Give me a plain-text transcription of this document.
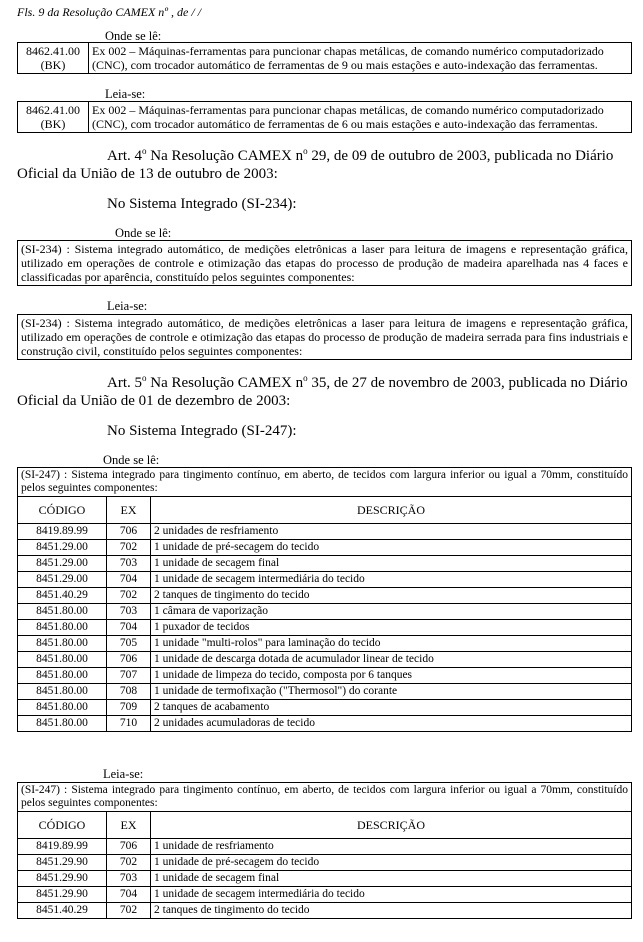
Fls. 9 da Resolução CAMEX nº , de / /
Onde se lê:
8462.41.00
(BK)
	Ex 002 – Máquinas-ferramentas para puncionar chapas metálicas, de comando numérico computadorizado (CNC), com trocador automático de ferramentas de 9 ou mais estações e auto-indexação das ferramentas.
Leia-se:
8462.41.00
(BK)
	Ex 002 – Máquinas-ferramentas para puncionar chapas metálicas, de comando numérico computadorizado (CNC), com trocador automático de ferramentas de 6 ou mais estações e auto-indexação das ferramentas.
Art. 4$^o$ Na Resolução CAMEX $n^o$ 29, de 09 de outubro de 2003, publicada no Diário Oficial da União de 13 de outubro de 2003:
No Sistema Integrado (SI-234):
Onde se lê:
(SI-234) : Sistema integrado automático, de medições eletrônicas a laser para leitura de imagens e representação gráfica, utilizado em operações de controle e otimização das etapas do processo de produção de madeira aparelhada nas 4 faces e classificadas por aparência, constituído pelos seguintes componentes:
Leia-se:
(SI-234) : Sistema integrado automático, de medições eletrônicas a laser para leitura de imagens e representação gráfica, utilizado em operações de controle e otimização das etapas do processo de produção de madeira serrada para fins industriais e construção civil, constituído pelos seguintes componentes:
Art. 5$^o$ Na Resolução CAMEX $n^o$ 35, de 27 de novembro de 2003, publicada no Diário Oficial da União de 01 de dezembro de 2003:
No Sistema Integrado (SI-247):
Onde se lê:
(SI-247) : Sistema integrado para tingimento contínuo, em aberto, de tecidos com largura inferior ou igual a 70mm, constituído pelos seguintes componentes:		
CÓDIGO	EX	DESCRIÇÃO
8419.89.99	706	2 unidades de resfriamento
8451.29.00	702	1 unidade de pré-secagem do tecido
8451.29.00	703	1 unidade de secagem final
8451.29.00	704	1 unidade de secagem intermediária do tecido
8451.40.29	702	2 tanques de tingimento do tecido
8451.80.00	703	1 câmara de vaporização
8451.80.00	704	1 puxador de tecidos
8451.80.00	705	1 unidade "multi-rolos" para laminação do tecido
8451.80.00	706	1 unidade de descarga dotada de acumulador linear de tecido
8451.80.00	707	1 unidade de limpeza do tecido, composta por 6 tanques
8451.80.00	708	1 unidade de termofixação ("Thermosol") do corante
8451.80.00	709	2 tanques de acabamento
8451.80.00	710	2 unidades acumuladoras de tecido
Leia-se:
(SI-247) : Sistema integrado para tingimento contínuo, em aberto, de tecidos com largura inferior ou igual a 70mm, constituído pelos seguintes componentes:		
CÓDIGO	EX	DESCRIÇÃO
8419.89.99	706	1 unidade de resfriamento
8451.29.90	702	1 unidade de pré-secagem do tecido
8451.29.90	703	1 unidade de secagem final
8451.29.90	704	1 unidade de secagem intermediária do tecido
8451.40.29	702	2 tanques de tingimento do tecido
